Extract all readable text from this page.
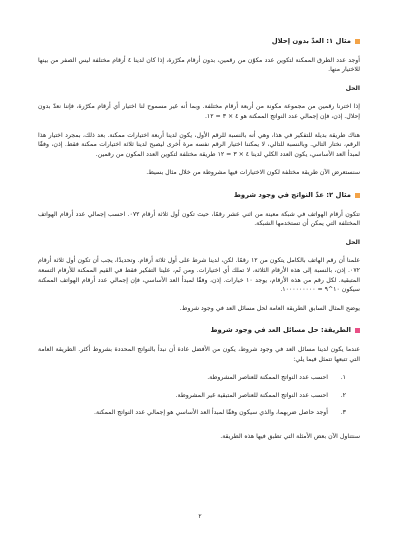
مثال ١: العدّ بدون إحلال

أوجد عدد الطرق الممكنة لتكوين عدد مكوّن من رقمين، بدون أرقام مكرّرة، إذا كان لدينا ٤ أرقام مختلفة ليس الصفر من بينها للاختيار منها.

الحل

إذا اخترنا رقمين من مجموعة مكونة من أربعة أرقام مختلفة. وبما أنه غير مسموح لنا اختيار أي أرقام مكرّرة، فإننا نعدّ بدون إحلال. إذن، فإن إجمالي عدد النواتج الممكنة هو ٤ × ٣ = ١٢.

هناك طريقة بديلة للتفكير في هذا، وهي أنه بالنسبة للرقم الأول، يكون لدينا أربعة اختيارات ممكنة. بعد ذلك، بمجرد اختيار هذا الرقم، نختار التالي. وبالنسبة للتالي، لا يمكننا اختيار الرقم نفسه مرة أخرى ليصبح لدينا ثلاثة اختيارات ممكنة فقط. إذن، وفقًا لمبدأ العد الأساسي، يكون العدد الكلي لدينا ٤ × ٣ = ١٢ طريقة مختلفة لتكوين العدد المكون من رقمين.

سنستعرض الآن طريقة مختلفة لكون الاختيارات فيها مشروطة من خلال مثال بسيط.

مثال ٢: عدّ النواتج في وجود شروط

تتكون أرقام الهواتف في شبكة معينة من اثني عشر رقمًا، حيث تكون أول ثلاثة أرقام ٠٧٢. احسب إجمالي عدد أرقام الهواتف المختلفة التي يمكن أن تستخدمها الشبكة.

الحل

علمنا أن رقم الهاتف بالكامل يتكون من ١٢ رقمًا. لكن، لدينا شرط على أول ثلاثة أرقام. وتحديدًا، يجب أن تكون أول ثلاثة أرقام ٠٧٢. إذن، بالنسبة إلى هذه الأرقام الثلاثة، لا تملك أي اختيارات. ومن ثَم، علينا التفكير فقط في القيم الممكنة للأرقام التسعة المتبقية. لكل رقم من هذه الأرقام، يوجد ١٠ خيارات. إذن، وفقًا لمبدأ العد الأساسي، فإن إجمالي عدد أرقام الهواتف الممكنة سيكون ١٠^٩ = ١٠٠٠٠٠٠٠٠٠.

يوضح المثال السابق الطريقة العامة لحل مسائل العد في وجود شروط.

الطريقة: حل مسائل العد في وجود شروط

عندما يكون لدينا مسائل العد في وجود شروط، يكون من الأفضل عادة أن نبدأ بالنواتج المحددة بشروط أكثر. الطريقة العامة التي تتبعها تتمثل فيما يلي:

١.
احسب عدد النواتج الممكنة للعناصر المشروطة.
٢.
احسب عدد النواتج الممكنة للعناصر المتبقية غير المشروطة.
٣.
أوجد حاصل ضربهما، والذي سيكون وفقًا لمبدأ العد الأساسي هو إجمالي عدد النواتج الممكنة.

سنتناول الآن بعض الأمثلة التي تطبق فيها هذه الطريقة.

٢
